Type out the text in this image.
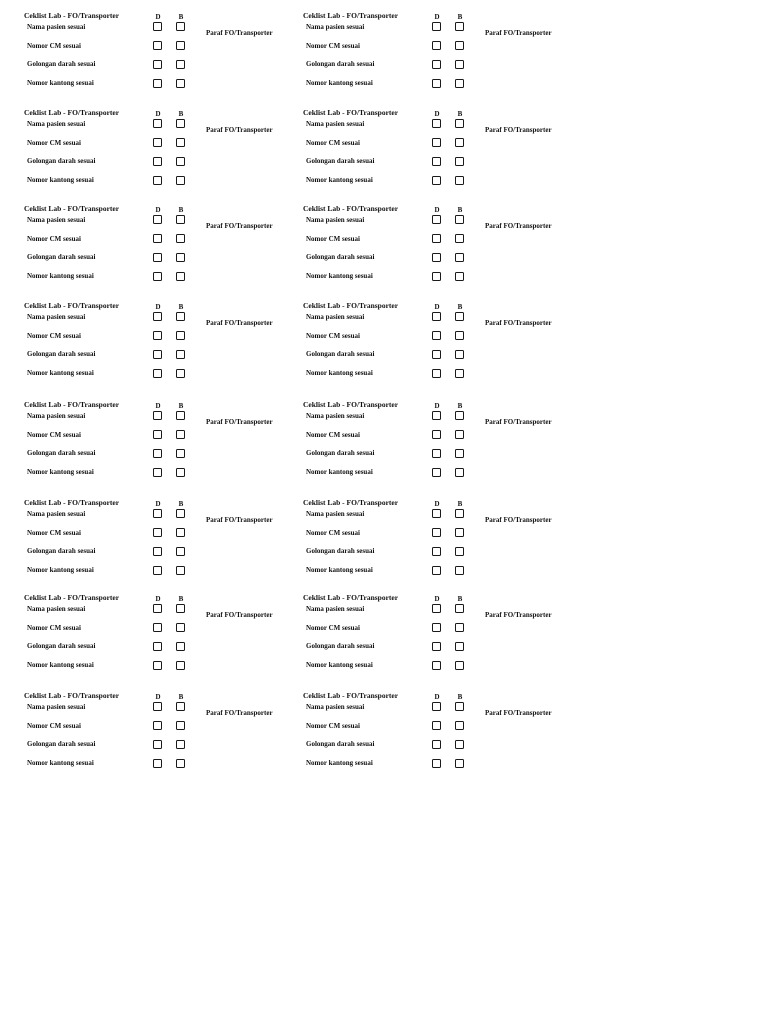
Ceklist Lab - FO/Transporter	D	B
Nama pasien sesuai
Nomor CM sesuai
Golongan darah sesuai
Nomor kantong sesuai
Paraf FO/Transporter
Ceklist Lab - FO/Transporter	D	B
Nama pasien sesuai
Nomor CM sesuai
Golongan darah sesuai
Nomor kantong sesuai
Paraf FO/Transporter
Ceklist Lab - FO/Transporter	D	B
Nama pasien sesuai
Nomor CM sesuai
Golongan darah sesuai
Nomor kantong sesuai
Paraf FO/Transporter
Ceklist Lab - FO/Transporter	D	B
Nama pasien sesuai
Nomor CM sesuai
Golongan darah sesuai
Nomor kantong sesuai
Paraf FO/Transporter
Ceklist Lab - FO/Transporter	D	B
Nama pasien sesuai
Nomor CM sesuai
Golongan darah sesuai
Nomor kantong sesuai
Paraf FO/Transporter
Ceklist Lab - FO/Transporter	D	B
Nama pasien sesuai
Nomor CM sesuai
Golongan darah sesuai
Nomor kantong sesuai
Paraf FO/Transporter
Ceklist Lab - FO/Transporter	D	B
Nama pasien sesuai
Nomor CM sesuai
Golongan darah sesuai
Nomor kantong sesuai
Paraf FO/Transporter
Ceklist Lab - FO/Transporter	D	B
Nama pasien sesuai
Nomor CM sesuai
Golongan darah sesuai
Nomor kantong sesuai
Paraf FO/Transporter
Ceklist Lab - FO/Transporter	D	B
Nama pasien sesuai
Nomor CM sesuai
Golongan darah sesuai
Nomor kantong sesuai
Paraf FO/Transporter
Ceklist Lab - FO/Transporter	D	B
Nama pasien sesuai
Nomor CM sesuai
Golongan darah sesuai
Nomor kantong sesuai
Paraf FO/Transporter
Ceklist Lab - FO/Transporter	D	B
Nama pasien sesuai
Nomor CM sesuai
Golongan darah sesuai
Nomor kantong sesuai
Paraf FO/Transporter
Ceklist Lab - FO/Transporter	D	B
Nama pasien sesuai
Nomor CM sesuai
Golongan darah sesuai
Nomor kantong sesuai
Paraf FO/Transporter
Ceklist Lab - FO/Transporter	D	B
Nama pasien sesuai
Nomor CM sesuai
Golongan darah sesuai
Nomor kantong sesuai
Paraf FO/Transporter
Ceklist Lab - FO/Transporter	D	B
Nama pasien sesuai
Nomor CM sesuai
Golongan darah sesuai
Nomor kantong sesuai
Paraf FO/Transporter
Ceklist Lab - FO/Transporter	D	B
Nama pasien sesuai
Nomor CM sesuai
Golongan darah sesuai
Nomor kantong sesuai
Paraf FO/Transporter
Ceklist Lab - FO/Transporter	D	B
Nama pasien sesuai
Nomor CM sesuai
Golongan darah sesuai
Nomor kantong sesuai
Paraf FO/Transporter
